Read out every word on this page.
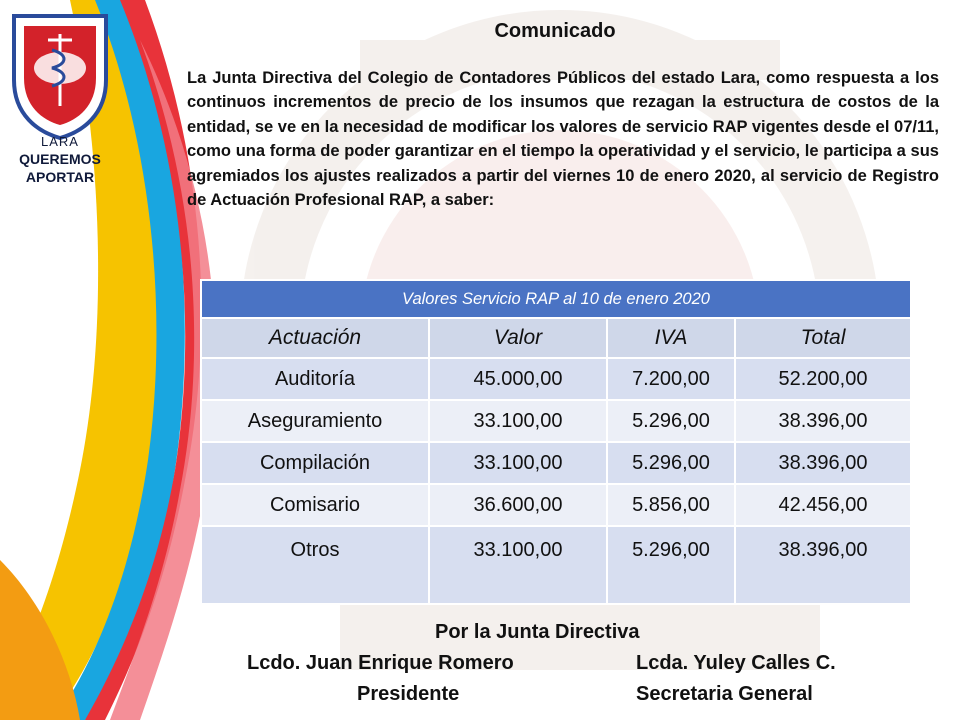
LARA
QUEREMOS
APORTAR
Comunicado
La Junta Directiva del Colegio de Contadores Públicos del estado Lara, como respuesta a los continuos incrementos de precio de los insumos que rezagan la estructura de costos de la entidad, se ve en la necesidad de modificar los valores de servicio RAP vigentes desde el 07/11, como una forma de poder garantizar en el tiempo la operatividad y el servicio, le participa a sus agremiados los ajustes realizados a partir del viernes 10 de enero 2020, al servicio de Registro de Actuación Profesional RAP, a saber:
Valores Servicio RAP al 10 de enero 2020			
Actuación	Valor	IVA	Total
Auditoría	45.000,00	7.200,00	52.200,00
Aseguramiento	33.100,00	5.296,00	38.396,00
Compilación	33.100,00	5.296,00	38.396,00
Comisario	36.600,00	5.856,00	42.456,00
Otros	33.100,00	5.296,00	38.396,00
Por la Junta Directiva
Lcdo. Juan Enrique Romero
Presidente
Lcda. Yuley Calles C.
Secretaria General
